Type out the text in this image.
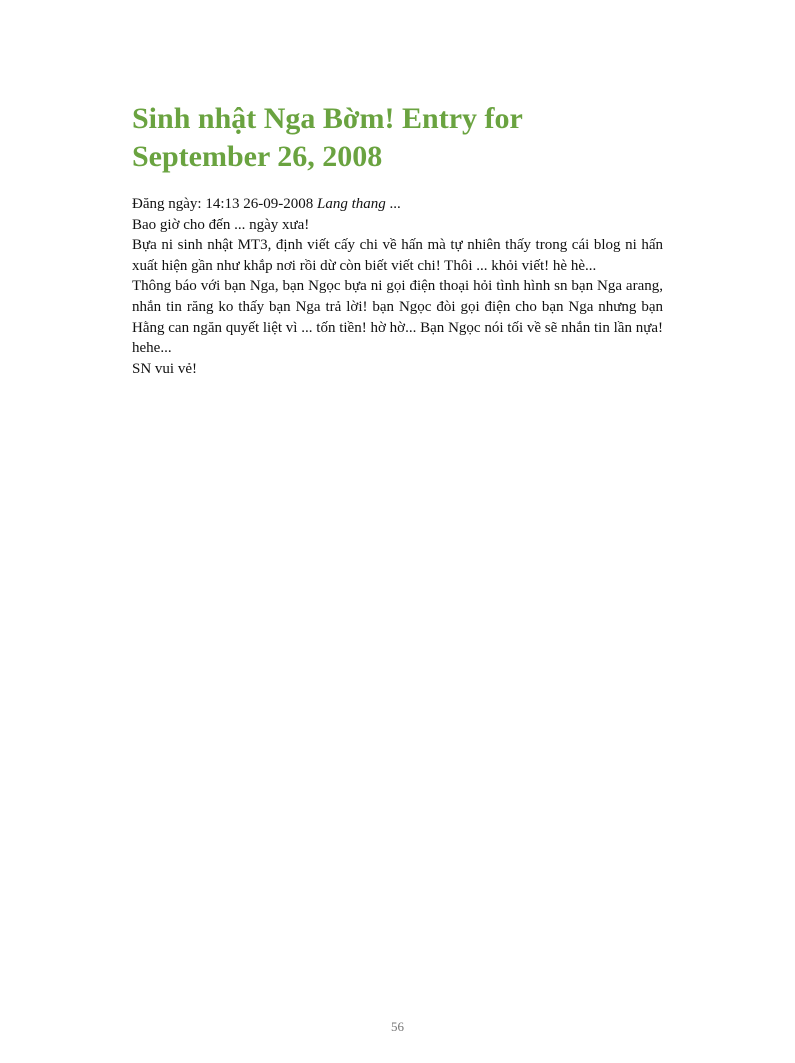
Sinh nhật Nga Bờm! Entry for
September 26, 2008

Đăng ngày: 14:13 26-09-2008 Lang thang ...

Bao giờ cho đến ... ngày xưa!

Bựa ni sinh nhật MT3, định viết cấy chi về hấn mà tự nhiên thấy trong cái blog ni hấn xuất hiện gần như khắp nơi rồi dừ còn biết viết chi! Thôi ... khỏi viết! hè hè...

Thông báo với bạn Nga, bạn Ngọc bựa ni gọi điện thoại hỏi tình hình sn bạn Nga arang, nhắn tin răng ko thấy bạn Nga trả lời! bạn Ngọc đòi gọi điện cho bạn Nga nhưng bạn Hằng can ngăn quyết liệt vì ... tốn tiền! hờ hờ... Bạn Ngọc nói tối về sẽ nhắn tin lần nựa! hehe...

SN vui vẻ!

56
